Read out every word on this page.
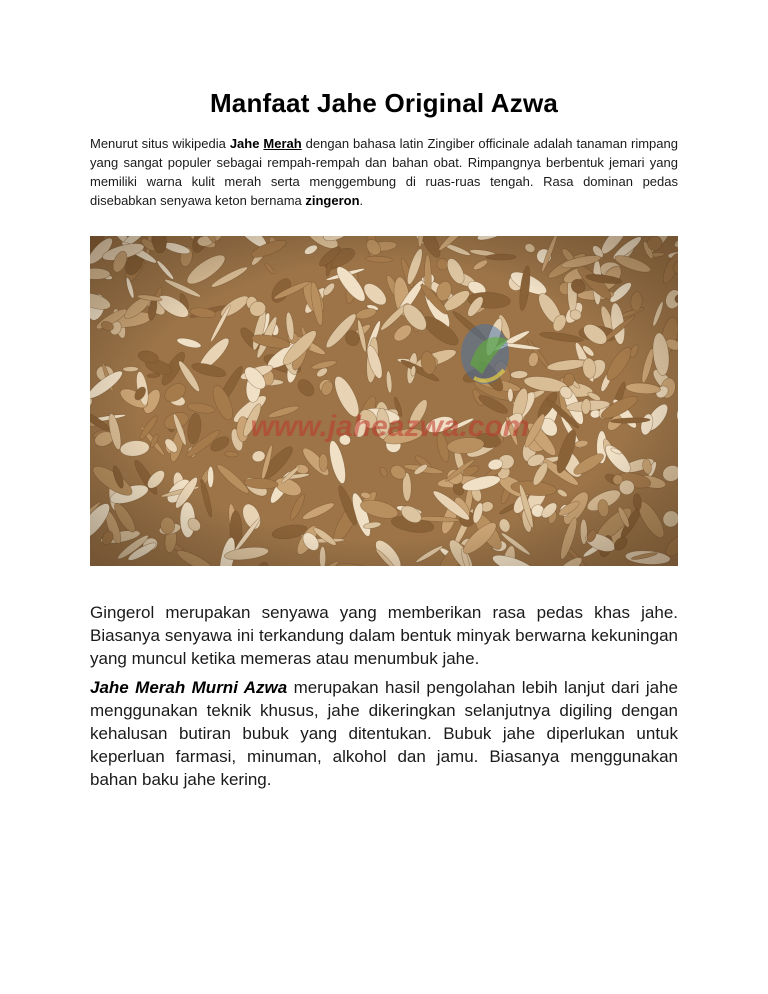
Manfaat Jahe Original Azwa

Menurut situs wikipedia Jahe Merah dengan bahasa latin Zingiber officinale adalah tanaman rimpang yang sangat populer sebagai rempah-rempah dan bahan obat. Rimpangnya berbentuk jemari yang memiliki warna kulit merah serta menggembung di ruas-ruas tengah. Rasa dominan pedas disebabkan senyawa keton bernama zingeron.

www.jaheazwa.com

Gingerol merupakan senyawa yang memberikan rasa pedas khas jahe. Biasanya senyawa ini terkandung dalam bentuk minyak berwarna kekuningan yang muncul ketika memeras atau menumbuk jahe.

Jahe Merah Murni Azwa merupakan hasil pengolahan lebih lanjut dari jahe menggunakan teknik khusus, jahe dikeringkan selanjutnya digiling dengan kehalusan butiran bubuk yang ditentukan. Bubuk jahe diperlukan untuk keperluan farmasi, minuman, alkohol dan jamu. Biasanya menggunakan bahan baku jahe kering.
